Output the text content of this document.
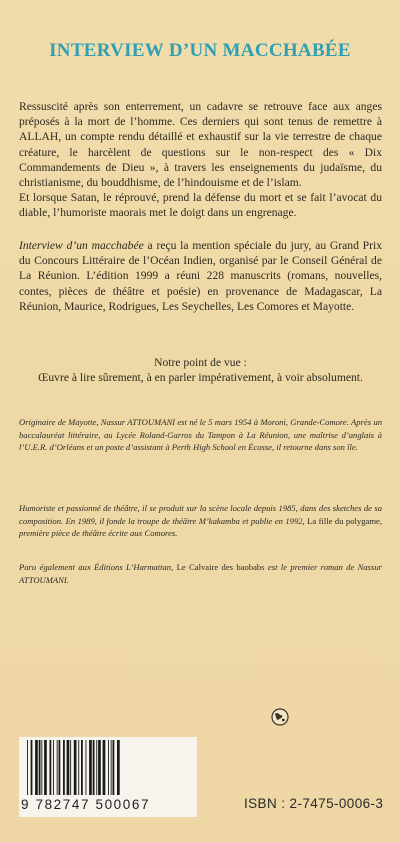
INTERVIEW D’UN MACCHABÉE
Ressuscité après son enterrement, un cadavre se retrouve face aux anges préposés à la mort de l’homme. Ces derniers qui sont tenus de remettre à ALLAH, un compte rendu détaillé et exhaustif sur la vie terrestre de chaque créature, le harcèlent de questions sur le non-respect des « Dix Commandements de Dieu », à travers les enseignements du judaïsme, du christianisme, du bouddhisme, de l’hindouisme et de l’islam.
Et lorsque Satan, le réprouvé, prend la défense du mort et se fait l’avocat du diable, l’humoriste maorais met le doigt dans un engrenage.
Interview d’un macchabée a reçu la mention spéciale du jury, au Grand Prix du Concours Littéraire de l’Océan Indien, organisé par le Conseil Général de La Réunion. L’édition 1999 a réuni 228 manuscrits (romans, nouvelles, contes, pièces de théâtre et poésie) en provenance de Madagascar, La Réunion, Maurice, Rodrigues, Les Seychelles, Les Comores et Mayotte.
Notre point de vue :
Œuvre à lire sûrement, à en parler impérativement, à voir absolument.
Originaire de Mayotte, Nassur ATTOUMANI est né le 5 mars 1954 à Moroni, Grande-Comore. Après un baccalauréat littéraire, au Lycée Roland-Garros du Tampon à La Réunion, une maîtrise d’anglais à l’U.E.R. d’Orléans et un poste d’assistant à Perth High School en Écosse, il retourne dans son île.
Humoriste et passionné de théâtre, il se produit sur la scène locale depuis 1985, dans des sketches de sa composition. En 1989, il fonde la troupe de théâtre M’kakamba et publie en 1992, La fille du polygame, première pièce de théâtre écrite aux Comores.
Paru également aux Éditions L’Harmattan, Le Calvaire des baobabs est le premier roman de Nassur ATTOUMANI.
9 782747 500067	ISBN : 2-7475-0006-3
